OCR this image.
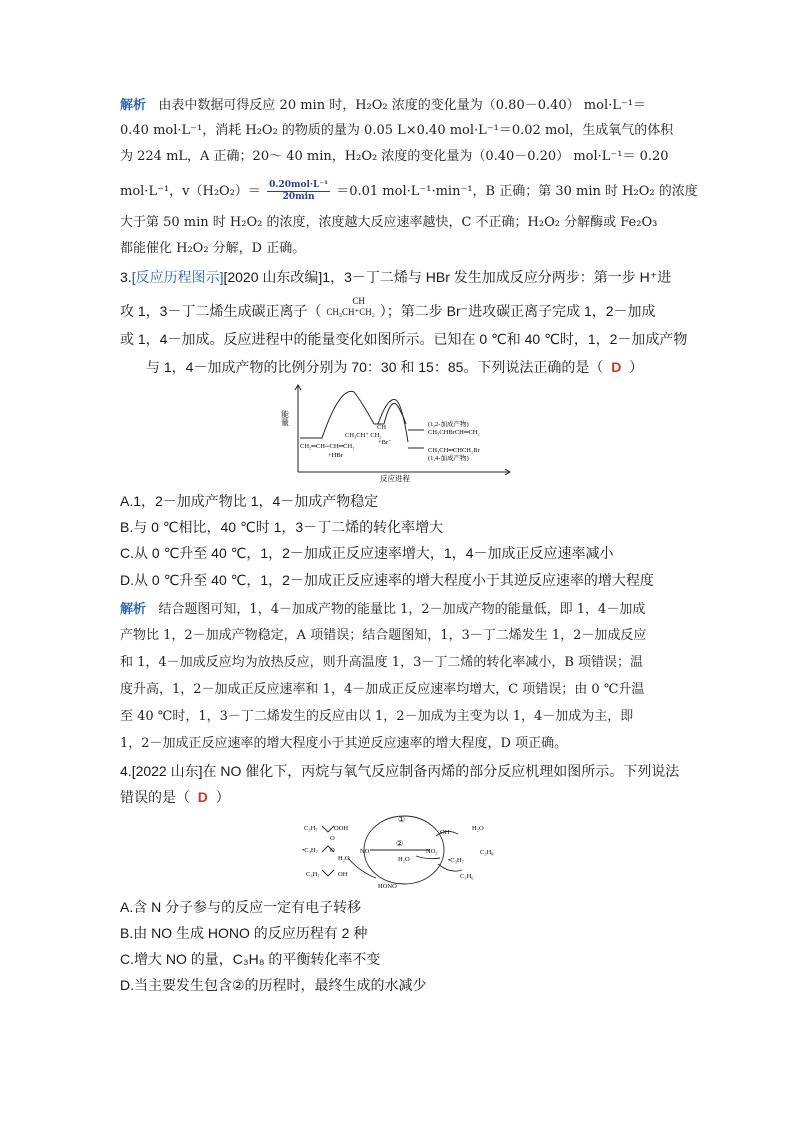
解析 由表中数据可得反应 20 min 时，H₂O₂ 浓度的变化量为（0.80－0.40） mol·L⁻¹＝
0.40 mol·L⁻¹，消耗 H₂O₂ 的物质的量为 0.05 L×0.40 mol·L⁻¹＝0.02 mol，生成氧气的体积
为 224 mL，A 正确；20～ 40 min，H₂O₂ 浓度的变化量为（0.40－0.20） mol·L⁻¹＝ 0.20
mol·L⁻¹，v（H₂O₂）＝ 0.20mol·L⁻¹
20min	＝0.01 mol·L⁻¹·min⁻¹，B 正确；第 30 min 时 H₂O₂ 的浓度
大于第 50 min 时 H₂O₂ 的浓度，浓度越大反应速率越快，C 不正确；H₂O₂ 分解酶或 Fe₂O₃
都能催化 H₂O₂ 分解，D 正确。
3.[反应历程图示][2020 山东改编]1，3－丁二烯与 HBr 发生加成反应分两步：第一步 H⁺进
攻 1，3－丁二烯生成碳正离子（
CH
CH₃CH⁺CH₂ ）；第二步 Br⁻进攻碳正离子完成 1，2－加成
或 1，4－加成。反应进程中的能量变化如图所示。已知在 0 ℃和 40 ℃时，1，2－加成产物
与 1，4－加成产物的比例分别为 70：30 和 15：85。下列说法正确的是（ D ）
能量
反应进程
CH₂═CH─CH═CH₂
+HBr
CH
CH₃CH⁺ CH₂
+Br⁻
(1,2-加成产物)
CH₃CHBrCH═CH₂
CH₃CH═CHCH₂Br
(1,4-加成产物)
A.1，2－加成产物比 1，4－加成产物稳定
B.与 0 ℃相比，40 ℃时 1，3－丁二烯的转化率增大
C.从 0 ℃升至 40 ℃，1，2－加成正反应速率增大，1，4－加成正反应速率减小
D.从 0 ℃升至 40 ℃，1，2－加成正反应速率的增大程度小于其逆反应速率的增大程度
解析 结合题图可知，1，4－加成产物的能量比 1，2－加成产物的能量低，即 1，4－加成
产物比 1，2－加成产物稳定，A 项错误；结合题图知，1，3－丁二烯发生 1，2－加成反应
和 1，4－加成反应均为放热反应，则升高温度 1，3－丁二烯的转化率减小，B 项错误；温
度升高，1，2－加成正反应速率和 1，4－加成正反应速率均增大，C 项错误；由 0 ℃升温
至 40 ℃时，1，3－丁二烯发生的反应由以 1，2－加成为主变为以 1，4－加成为主，即
1，2－加成正反应速率的增大程度小于其逆反应速率的增大程度，D 项正确。
4.[2022 山东]在 NO 催化下，丙烷与氧气反应制备丙烯的部分反应机理如图所示。下列说法
错误的是（ D ）
C₃H₇	OOH
O
•C₃H₇ O
H₂O
C₃H₇	OH
①
②
NO	NO₂
H₂O
HONO
OH
H₂O
C₃H₈
•C₃H₇
C₃H₆
A.含 N 分子参与的反应一定有电子转移
B.由 NO 生成 HONO 的反应历程有 2 种
C.增大 NO 的量，C₃H₈ 的平衡转化率不变
D.当主要发生包含②的历程时，最终生成的水减少
